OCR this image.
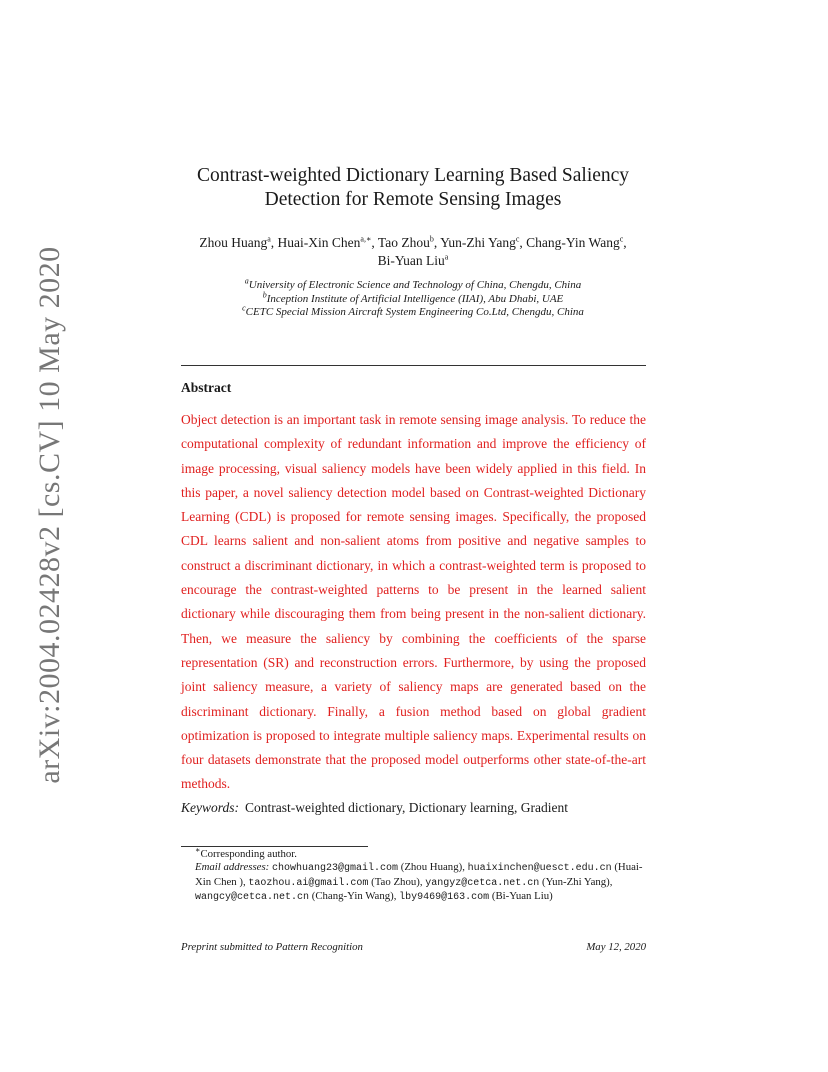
arXiv:2004.02428v2 [cs.CV] 10 May 2020
Contrast-weighted Dictionary Learning Based Saliency
Detection for Remote Sensing Images
Zhou Huang$^a$, Huai-Xin Chen$^{a,∗}$, Tao Zhou$^b$, Yun-Zhi Yang$^c$, Chang-Yin Wang$^c$, Bi-Yuan Liu$^a$
$^a$University of Electronic Science and Technology of China, Chengdu, China
$^b$Inception Institute of Artificial Intelligence (IIAI), Abu Dhabi, UAE
$^c$CETC Special Mission Aircraft System Engineering Co.Ltd, Chengdu, China
Abstract
Object detection is an important task in remote sensing image analysis. To reduce the computational complexity of redundant information and improve the efficiency of image processing, visual saliency models have been widely applied in this field. In this paper, a novel saliency detection model based on Contrast-weighted Dictionary Learning (CDL) is proposed for remote sensing images. Specifically, the proposed CDL learns salient and non-salient atoms from positive and negative samples to construct a discriminant dictionary, in which a contrast-weighted term is proposed to encourage the contrast-weighted patterns to be present in the learned salient dictionary while discouraging them from being present in the non-salient dictionary. Then, we measure the saliency by combining the coefficients of the sparse representation (SR) and reconstruction errors. Furthermore, by using the proposed joint saliency measure, a variety of saliency maps are generated based on the discriminant dictionary. Finally, a fusion method based on global gradient optimization is proposed to integrate multiple saliency maps. Experimental results on four datasets demonstrate that the proposed model outperforms other state-of-the-art methods.
Keywords: Contrast-weighted dictionary, Dictionary learning, Gradient
∗Corresponding author.
Email addresses: chowhuang23@gmail.com (Zhou Huang), huaixinchen@uesct.edu.cn (Huai-Xin Chen ), taozhou.ai@gmail.com (Tao Zhou), yangyz@cetca.net.cn (Yun-Zhi Yang), wangcy@cetca.net.cn (Chang-Yin Wang), lby9469@163.com (Bi-Yuan Liu)
Preprint submitted to Pattern Recognition	May 12, 2020
